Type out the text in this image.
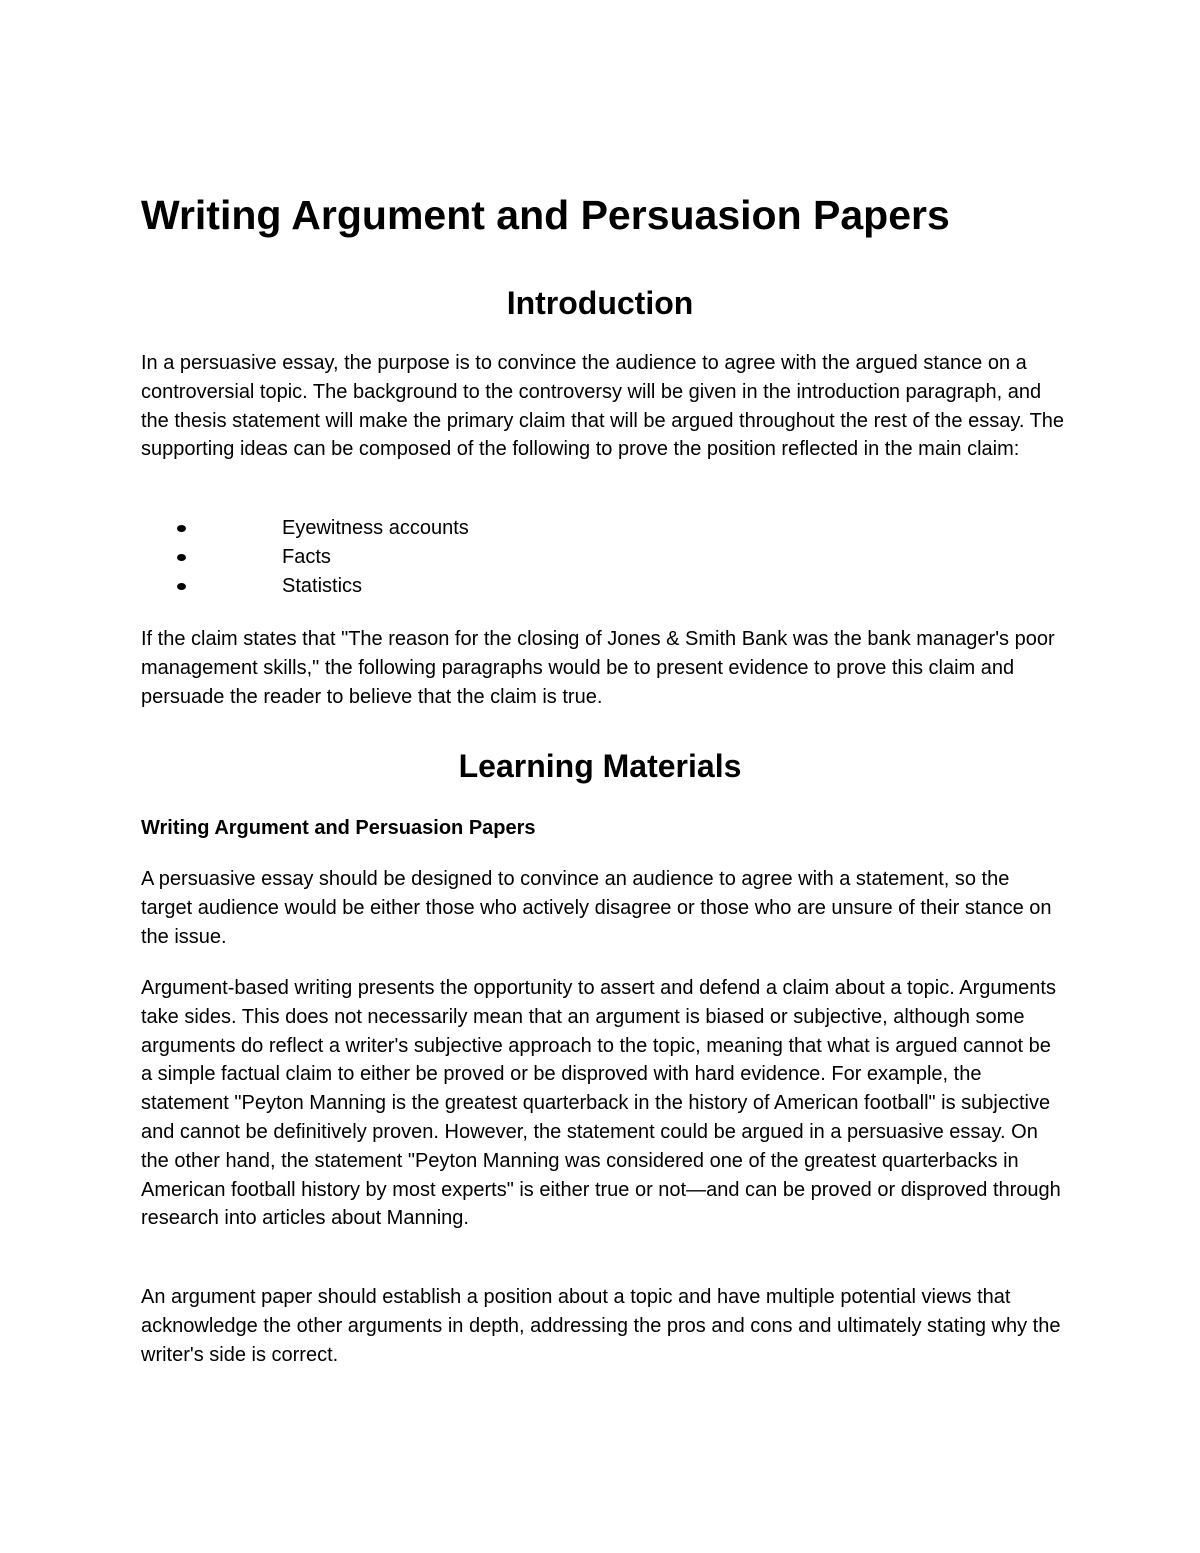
Writing Argument and Persuasion Papers
Introduction

In a persuasive essay, the purpose is to convince the audience to agree with the argued stance on a controversial topic. The background to the controversy will be given in the introduction paragraph, and the thesis statement will make the primary claim that will be argued throughout the rest of the essay. The supporting ideas can be composed of the following to prove the position reflected in the main claim:

Eyewitness accounts
Facts
Statistics

If the claim states that "The reason for the closing of Jones & Smith Bank was the bank manager's poor management skills," the following paragraphs would be to present evidence to prove this claim and persuade the reader to believe that the claim is true.

Learning Materials
Writing Argument and Persuasion Papers

A persuasive essay should be designed to convince an audience to agree with a statement, so the target audience would be either those who actively disagree or those who are unsure of their stance on the issue.

Argument-based writing presents the opportunity to assert and defend a claim about a topic. Arguments take sides. This does not necessarily mean that an argument is biased or subjective, although some arguments do reflect a writer's subjective approach to the topic, meaning that what is argued cannot be a simple factual claim to either be proved or be disproved with hard evidence. For example, the statement "Peyton Manning is the greatest quarterback in the history of American football" is subjective and cannot be definitively proven. However, the statement could be argued in a persuasive essay. On the other hand, the statement "Peyton Manning was considered one of the greatest quarterbacks in American football history by most experts" is either true or not—and can be proved or disproved through research into articles about Manning.

An argument paper should establish a position about a topic and have multiple potential views that acknowledge the other arguments in depth, addressing the pros and cons and ultimately stating why the writer's side is correct.
